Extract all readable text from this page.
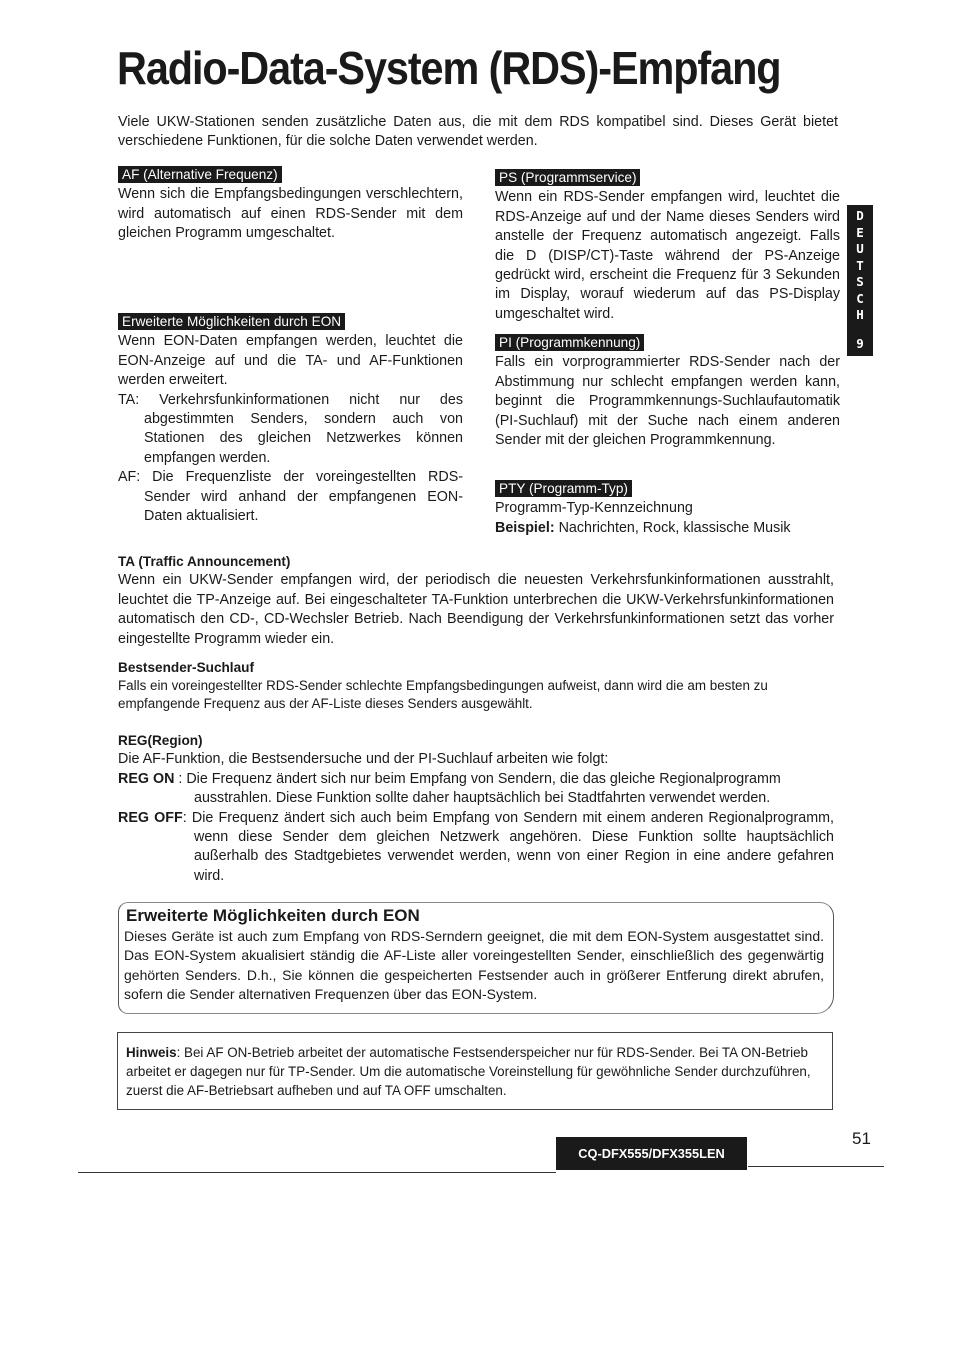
Radio-Data-System (RDS)-Empfang

Viele UKW-Stationen senden zusätzliche Daten aus, die mit dem RDS kompatibel sind. Dieses Gerät bietet verschiedene Funktionen, für die solche Daten verwendet werden.

AF (Alternative Frequenz)

Wenn sich die Empfangsbedingungen verschlechtern, wird automatisch auf einen RDS-Sender mit dem gleichen Programm umgeschaltet.

Erweiterte Möglichkeiten durch EON

Wenn EON-Daten empfangen werden, leuchtet die EON-Anzeige auf und die TA- und AF-Funktionen werden erweitert.

TA: Verkehrsfunkinformationen nicht nur des abgestimmten Senders, sondern auch von Stationen des gleichen Netzwerkes können empfangen werden.

AF: Die Frequenzliste der voreingestellten RDS-Sender wird anhand der empfangenen EON-Daten aktualisiert.

PS (Programmservice)

Wenn ein RDS-Sender empfangen wird, leuchtet die RDS-Anzeige auf und der Name dieses Senders wird anstelle der Frequenz automatisch angezeigt. Falls die D (DISP/CT)-Taste während der PS-Anzeige gedrückt wird, erscheint die Frequenz für 3 Sekunden im Display, worauf wiederum auf das PS-Display umgeschaltet wird.

PI (Programmkennung)

Falls ein vorprogrammierter RDS-Sender nach der Abstimmung nur schlecht empfangen werden kann, beginnt die Programmkennungs-Suchlaufautomatik (PI-Suchlauf) mit der Suche nach einem anderen Sender mit der gleichen Programmkennung.

PTY (Programm-Typ)

Programm-Typ-Kennzeichnung

Beispiel: Nachrichten, Rock, klassische Musik

D
E
U
T
S
C
H
9

TA (Traffic Announcement)

Wenn ein UKW-Sender empfangen wird, der periodisch die neuesten Verkehrsfunkinformationen ausstrahlt, leuchtet die TP-Anzeige auf. Bei eingeschalteter TA-Funktion unterbrechen die UKW-Verkehrsfunkinformationen automatisch den CD-, CD-Wechsler Betrieb. Nach Beendigung der Verkehrsfunkinformationen setzt das vorher eingestellte Programm wieder ein.

Bestsender-Suchlauf

Falls ein voreingestellter RDS-Sender schlechte Empfangsbedingungen aufweist, dann wird die am besten zu empfangende Frequenz aus der AF-Liste dieses Senders ausgewählt.

REG(Region)

Die AF-Funktion, die Bestsendersuche und der PI-Suchlauf arbeiten wie folgt:

REG ON : Die Frequenz ändert sich nur beim Empfang von Sendern, die das gleiche Regionalprogramm ausstrahlen. Diese Funktion sollte daher hauptsächlich bei Stadtfahrten verwendet werden.

REG OFF: Die Frequenz ändert sich auch beim Empfang von Sendern mit einem anderen Regionalprogramm, wenn diese Sender dem gleichen Netzwerk angehören. Diese Funktion sollte hauptsächlich außerhalb des Stadtgebietes verwendet werden, wenn von einer Region in eine andere gefahren wird.

Erweiterte Möglichkeiten durch EON

Dieses Geräte ist auch zum Empfang von RDS-Serndern geeignet, die mit dem EON-System ausgestattet sind. Das EON-System akualisiert ständig die AF-Liste aller voreingestellten Sender, einschließlich des gegenwärtig gehörten Senders. D.h., Sie können die gespeicherten Festsender auch in größerer Entferung direkt abrufen, sofern die Sender alternativen Frequenzen über das EON-System.

Hinweis: Bei AF ON-Betrieb arbeitet der automatische Festsenderspeicher nur für RDS-Sender. Bei TA ON-Betrieb arbeitet er dagegen nur für TP-Sender. Um die automatische Voreinstellung für gewöhnliche Sender durchzuführen, zuerst die AF-Betriebsart aufheben und auf TA OFF umschalten.

CQ-DFX555/DFX355LEN
51
